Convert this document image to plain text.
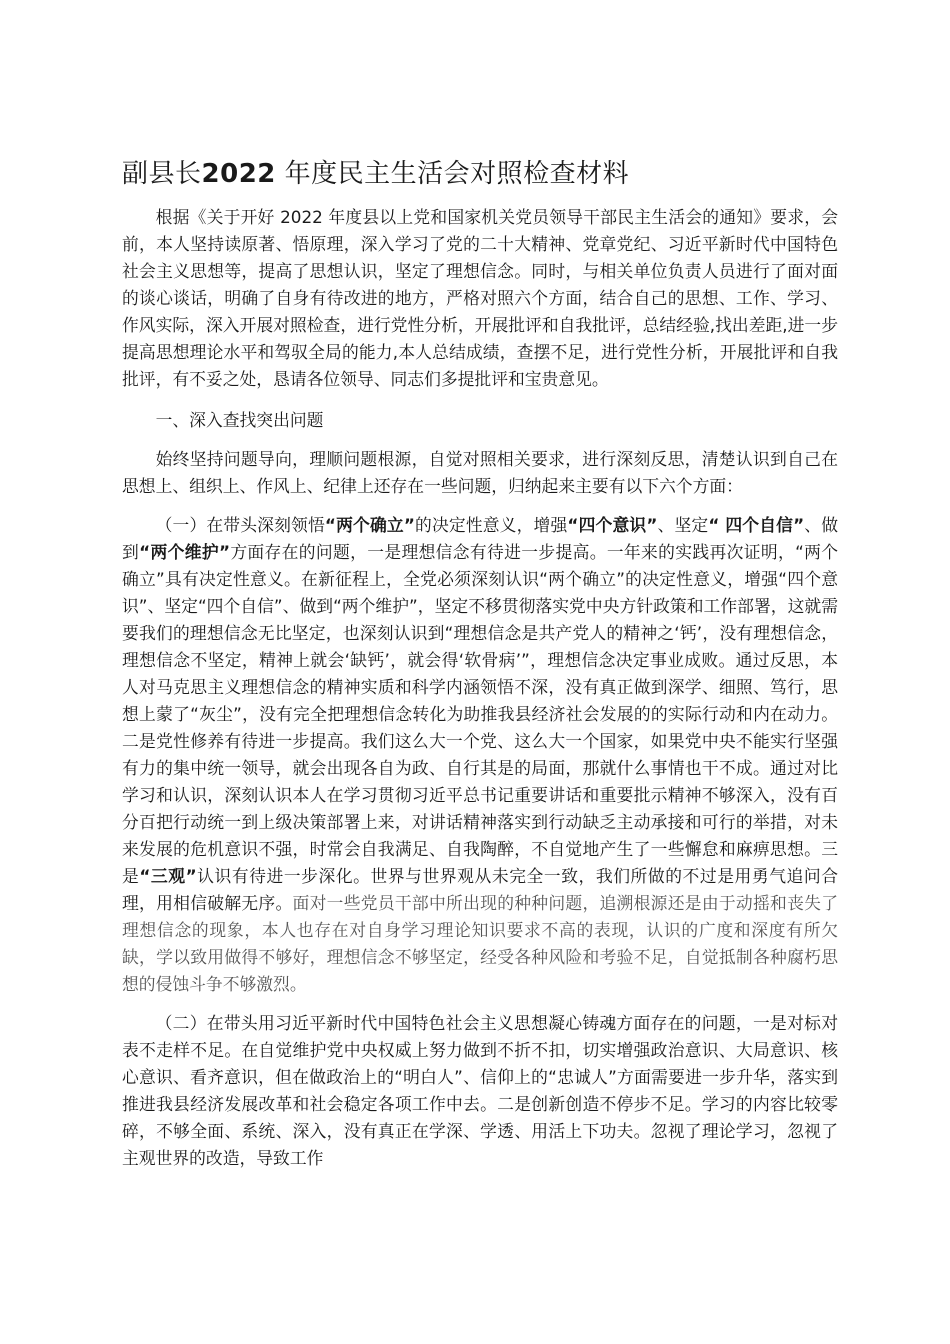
副县长2022 年度民主生活会对照检查材料

根据《关于开好 2022 年度县以上党和国家机关党员领导干部民主生活会的通知》要求，会前，本人坚持读原著、悟原理，深入学习了党的二十大精神、党章党纪、习近平新时代中国特色社会主义思想等，提高了思想认识，坚定了理想信念。同时，与相关单位负责人员进行了面对面的谈心谈话，明确了自身有待改进的地方，严格对照六个方面，结合自己的思想、工作、学习、作风实际，深入开展对照检查，进行党性分析，开展批评和自我批评，总结经验,找出差距,进一步提高思想理论水平和驾驭全局的能力,本人总结成绩，查摆不足，进行党性分析，开展批评和自我批评，有不妥之处，恳请各位领导、同志们多提批评和宝贵意见。

一、深入查找突出问题

始终坚持问题导向，理顺问题根源，自觉对照相关要求，进行深刻反思，清楚认识到自己在思想上、组织上、作风上、纪律上还存在一些问题，归纳起来主要有以下六个方面：

（一）在带头深刻领悟“两个确立”的决定性意义，增强“四个意识”、坚定“ 四个自信”、做到“两个维护”方面存在的问题，一是理想信念有待进一步提高。一年来的实践再次证明，“两个确立”具有决定性意义。在新征程上，全党必须深刻认识“两个确立”的决定性意义，增强“四个意识”、坚定“四个自信”、做到“两个维护”，坚定不移贯彻落实党中央方针政策和工作部署，这就需要我们的理想信念无比坚定，也深刻认识到“理想信念是共产党人的精神之‘钙’，没有理想信念，理想信念不坚定，精神上就会‘缺钙’，就会得‘软骨病’”，理想信念决定事业成败。通过反思，本人对马克思主义理想信念的精神实质和科学内涵领悟不深，没有真正做到深学、细照、笃行，思想上蒙了“灰尘”，没有完全把理想信念转化为助推我县经济社会发展的的实际行动和内在动力。二是党性修养有待进一步提高。我们这么大一个党、这么大一个国家，如果党中央不能实行坚强有力的集中统一领导，就会出现各自为政、自行其是的局面，那就什么事情也干不成。通过对比学习和认识，深刻认识本人在学习贯彻习近平总书记重要讲话和重要批示精神不够深入，没有百分百把行动统一到上级决策部署上来，对讲话精神落实到行动缺乏主动承接和可行的举措，对未来发展的危机意识不强，时常会自我满足、自我陶醉，不自觉地产生了一些懈怠和麻痹思想。三是“三观”认识有待进一步深化。世界与世界观从未完全一致，我们所做的不过是用勇气追问合理，用相信破解无序。面对一些党员干部中所出现的种种问题，追溯根源还是由于动摇和丧失了理想信念的现象，本人也存在对自身学习理论知识要求不高的表现，认识的广度和深度有所欠缺，学以致用做得不够好，理想信念不够坚定，经受各种风险和考验不足，自觉抵制各种腐朽思想的侵蚀斗争不够激烈。

（二）在带头用习近平新时代中国特色社会主义思想凝心铸魂方面存在的问题，一是对标对表不走样不足。在自觉维护党中央权威上努力做到不折不扣，切实增强政治意识、大局意识、核心意识、看齐意识，但在做政治上的“明白人”、信仰上的“忠诚人”方面需要进一步升华，落实到推进我县经济发展改革和社会稳定各项工作中去。二是创新创造不停步不足。学习的内容比较零碎，不够全面、系统、深入，没有真正在学深、学透、用活上下功夫。忽视了理论学习，忽视了主观世界的改造，导致工作
